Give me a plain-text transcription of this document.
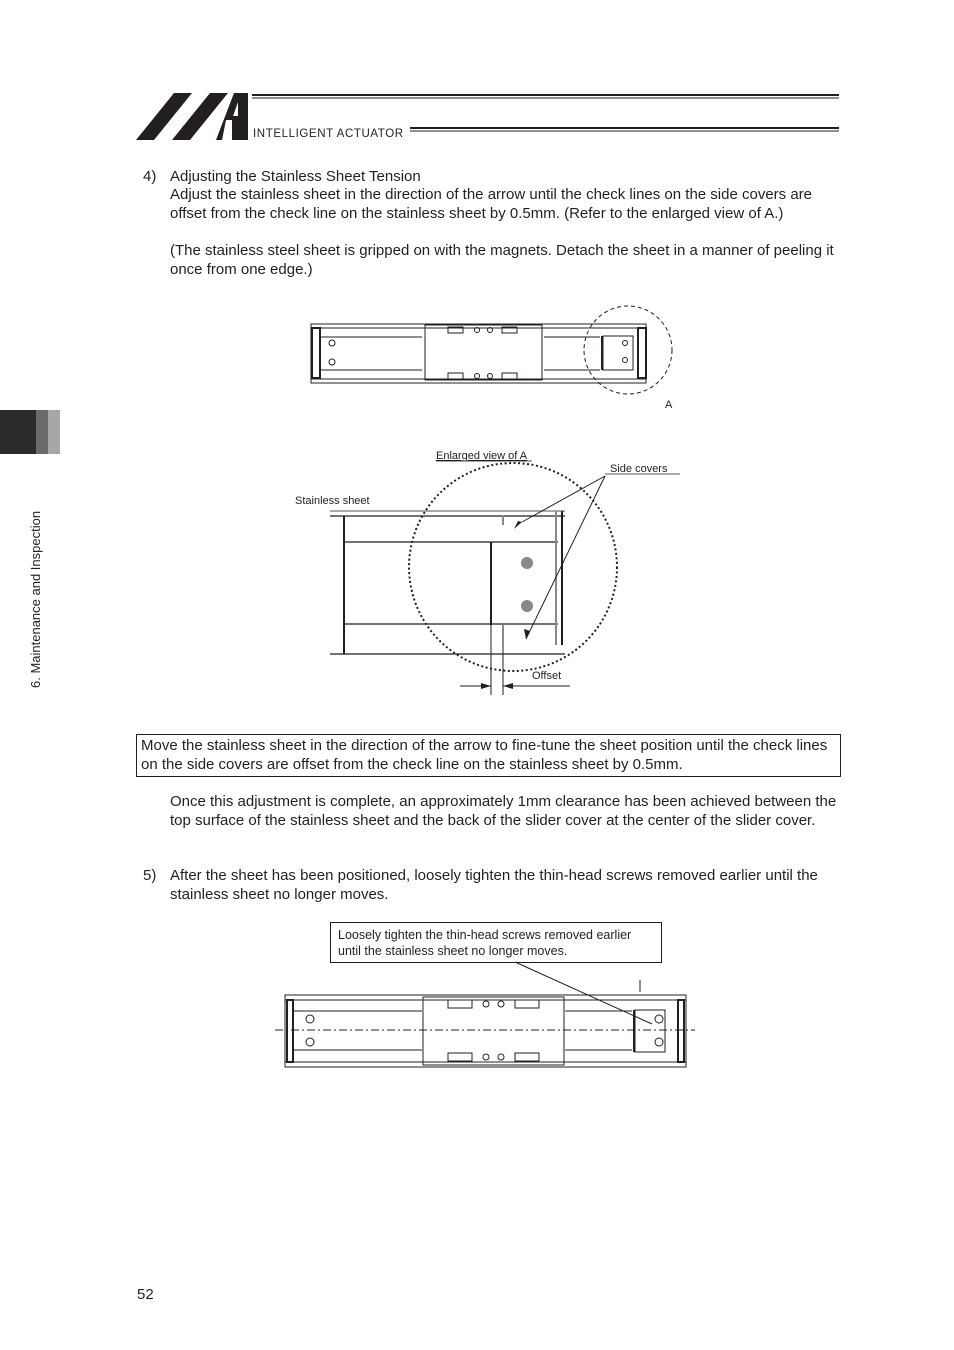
INTELLIGENT ACTUATOR
6. Maintenance and Inspection
4) Adjusting the Stainless Sheet Tension
Adjust the stainless sheet in the direction of the arrow until the check lines on the side covers are offset from the check line on the stainless sheet by 0.5mm. (Refer to the enlarged view of A.)
(The stainless steel sheet is gripped on with the magnets. Detach the sheet in a manner of peeling it once from one edge.)
A
Enlarged view of A
Side covers
Stainless sheet
Offset
Move the stainless sheet in the direction of the arrow to fine-tune the sheet position until the check lines on the side covers are offset from the check line on the stainless sheet by 0.5mm.
Once this adjustment is complete, an approximately 1mm clearance has been achieved between the top surface of the stainless sheet and the back of the slider cover at the center of the slider cover.
5) After the sheet has been positioned, loosely tighten the thin-head screws removed earlier until the stainless sheet no longer moves.
Loosely tighten the thin-head screws removed earlier until the stainless sheet no longer moves.
52
